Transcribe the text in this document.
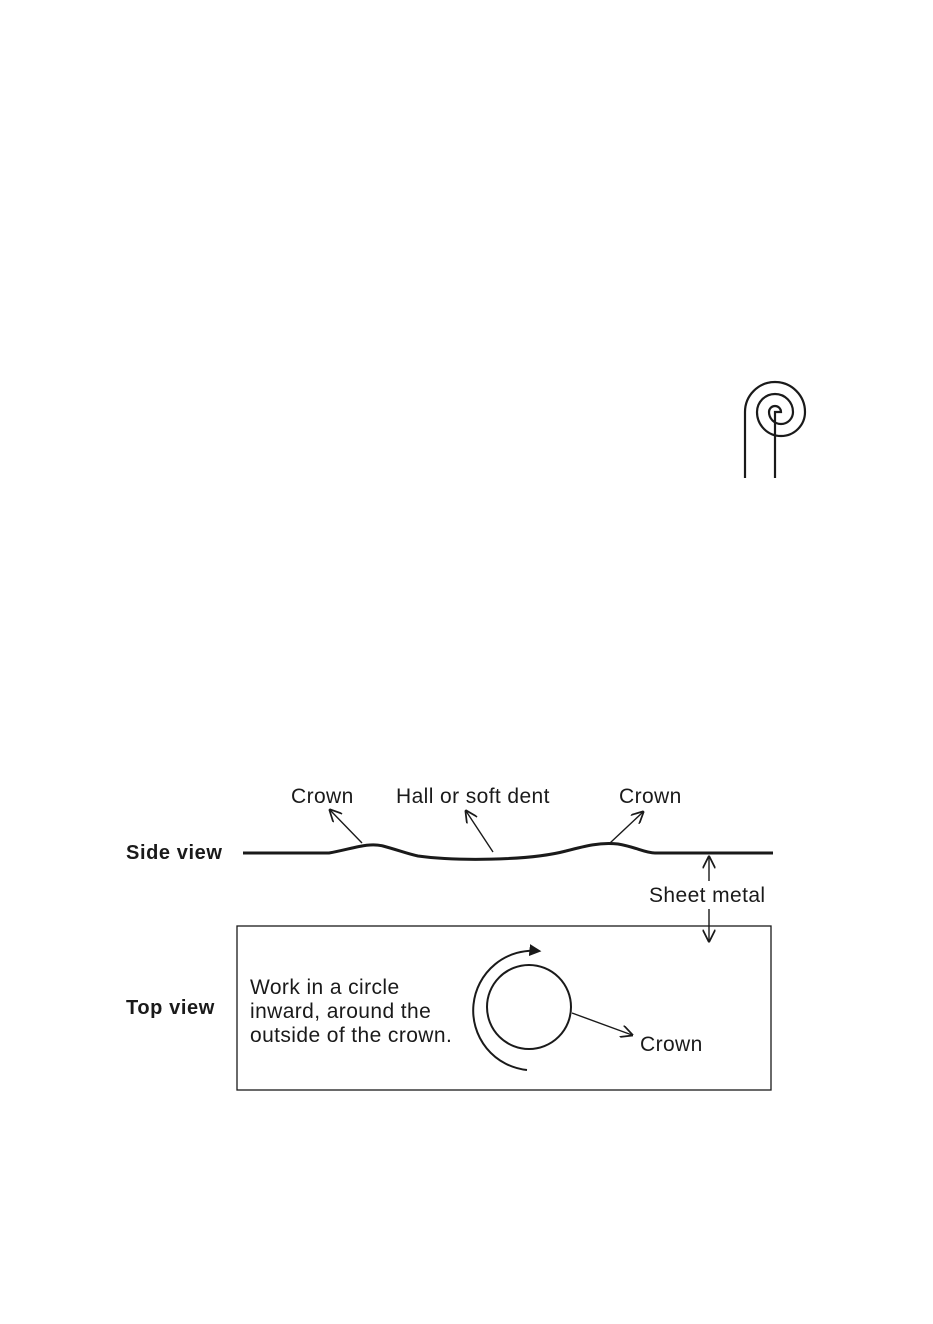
Side view
Crown Hall or soft dent	Crown
Sheet metal
Top view
Work in a circle
inward, around the
outside of the crown.	Crown
